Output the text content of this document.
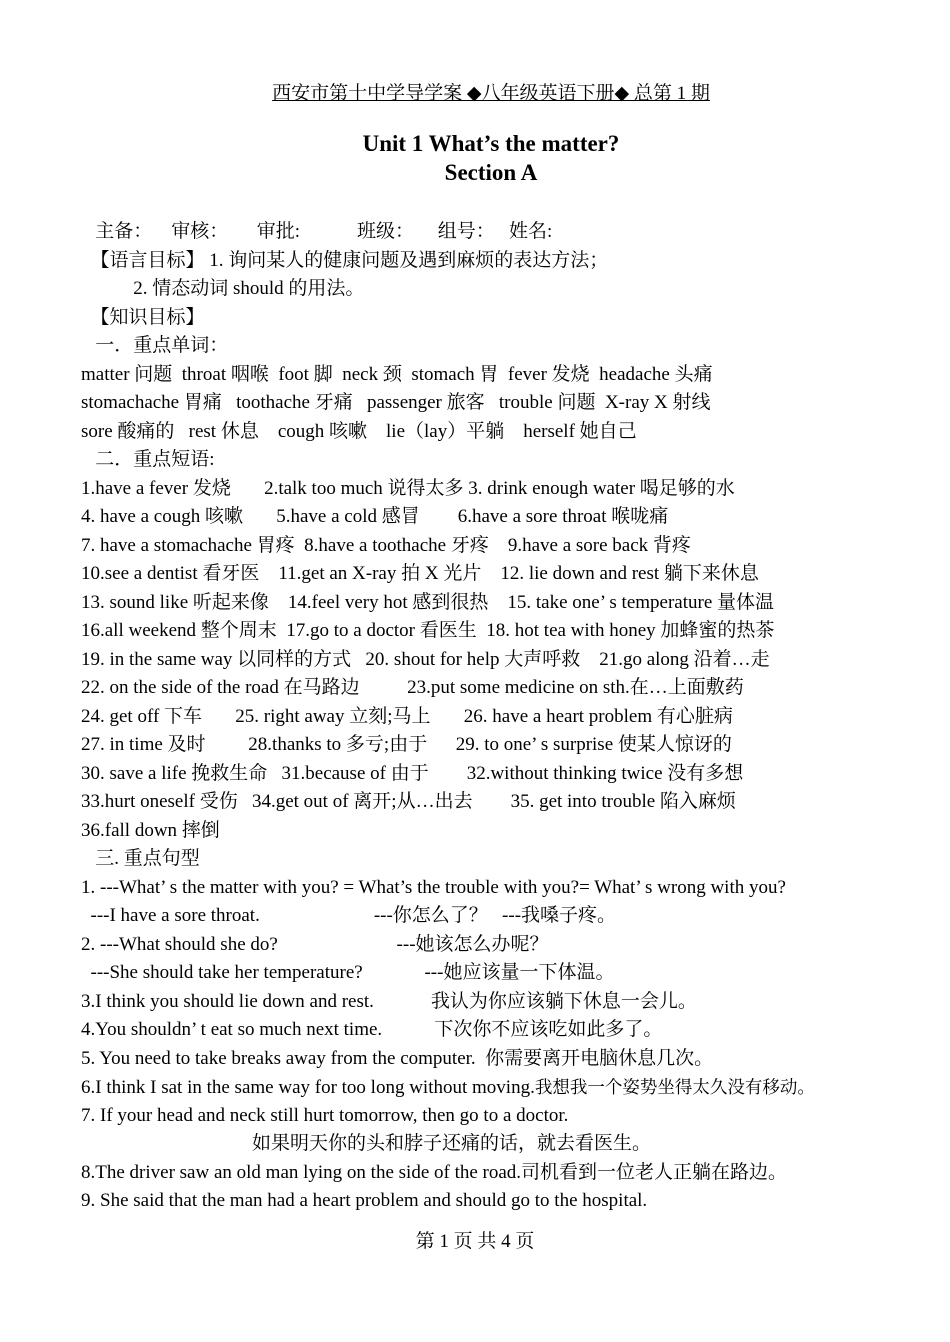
西安市第十中学导学案 ◆八年级英语下册◆ 总第 1 期
Unit 1 What’s the matter?
Section A
主备：    审核：      审批:            班级：     组号：   姓名:
【语言目标】 1. 询问某人的健康问题及遇到麻烦的表达方法；
2. 情态动词 should 的用法。
【知识目标】
一．重点单词：
matter 问题  throat 咽喉  foot 脚  neck 颈  stomach 胃  fever 发烧  headache 头痛
stomachache 胃痛   toothache 牙痛   passenger 旅客   trouble 问题  X-ray X 射线
sore 酸痛的   rest 休息    cough 咳嗽    lie（lay）平躺    herself 她自己
二．重点短语:
1.have a fever 发烧       2.talk too much 说得太多 3. drink enough water 喝足够的水
4. have a cough 咳嗽       5.have a cold 感冒        6.have a sore throat 喉咙痛
7. have a stomachache 胃疼  8.have a toothache 牙疼    9.have a sore back 背疼
10.see a dentist 看牙医    11.get an X-ray 拍 X 光片    12. lie down and rest 躺下来休息
13. sound like 听起来像    14.feel very hot 感到很热    15. take one’ s temperature 量体温
16.all weekend 整个周末  17.go to a doctor 看医生  18. hot tea with honey 加蜂蜜的热茶
19. in the same way 以同样的方式   20. shout for help 大声呼救    21.go along 沿着…走
22. on the side of the road 在马路边          23.put some medicine on sth.在…上面敷药
24. get off 下车       25. right away 立刻;马上       26. have a heart problem 有心脏病
27. in time 及时         28.thanks to 多亏;由于      29. to one’ s surprise 使某人惊讶的
30. save a life 挽救生命   31.because of 由于        32.without thinking twice 没有多想
33.hurt oneself 受伤   34.get out of 离开;从…出去        35. get into trouble 陷入麻烦
36.fall down 摔倒
三. 重点句型
1. ---What’ s the matter with you? = What’s the trouble with you?= What’ s wrong with you?
---I have a sore throat.                        ---你怎么了？   ---我嗓子疼。
2. ---What should she do?                         ---她该怎么办呢？
---She should take her temperature?             ---她应该量一下体温。
3.I think you should lie down and rest.            我认为你应该躺下休息一会儿。
4.You shouldn’ t eat so much next time.           下次你不应该吃如此多了。
5. You need to take breaks away from the computer.  你需要离开电脑休息几次。
6.I think I sat in the same way for too long without moving.我想我一个姿势坐得太久没有移动。
7. If your head and neck still hurt tomorrow, then go to a doctor.
如果明天你的头和脖子还痛的话，就去看医生。
8.The driver saw an old man lying on the side of the road.司机看到一位老人正躺在路边。
9. She said that the man had a heart problem and should go to the hospital.
第 1 页 共 4 页
